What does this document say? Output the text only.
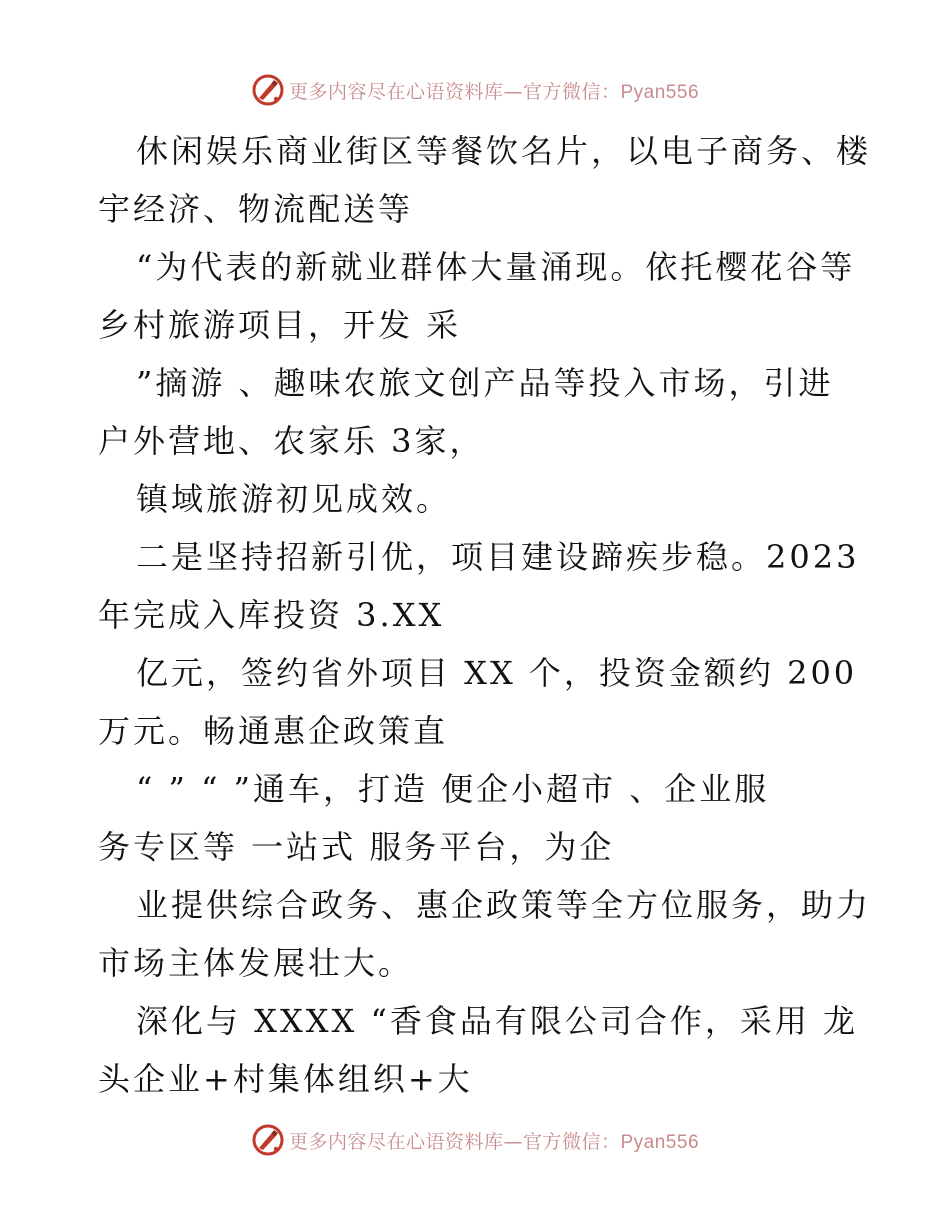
更多内容尽在心语资料库—官方微信：Pyan556
休闲娱乐商业街区等餐饮名片，以电子商务、楼
宇经济、物流配送等
“为代表的新就业群体大量涌现。依托樱花谷等
乡村旅游项目，开发 采
”摘游 、趣味农旅文创产品等投入市场，引进
户外营地、农家乐 3家，
镇域旅游初见成效。
二是坚持招新引优，项目建设蹄疾步稳。2023
年完成入库投资 3.XX
亿元，签约省外项目 XX 个，投资金额约 200
万元。畅通惠企政策直
“ ” “ ”通车，打造 便企小超市 、企业服
务专区等 一站式 服务平台，为企
业提供综合政务、惠企政策等全方位服务，助力
市场主体发展壮大。
深化与 XXXX “香食品有限公司合作，采用 龙
头企业+村集体组织+大
更多内容尽在心语资料库—官方微信：Pyan556
